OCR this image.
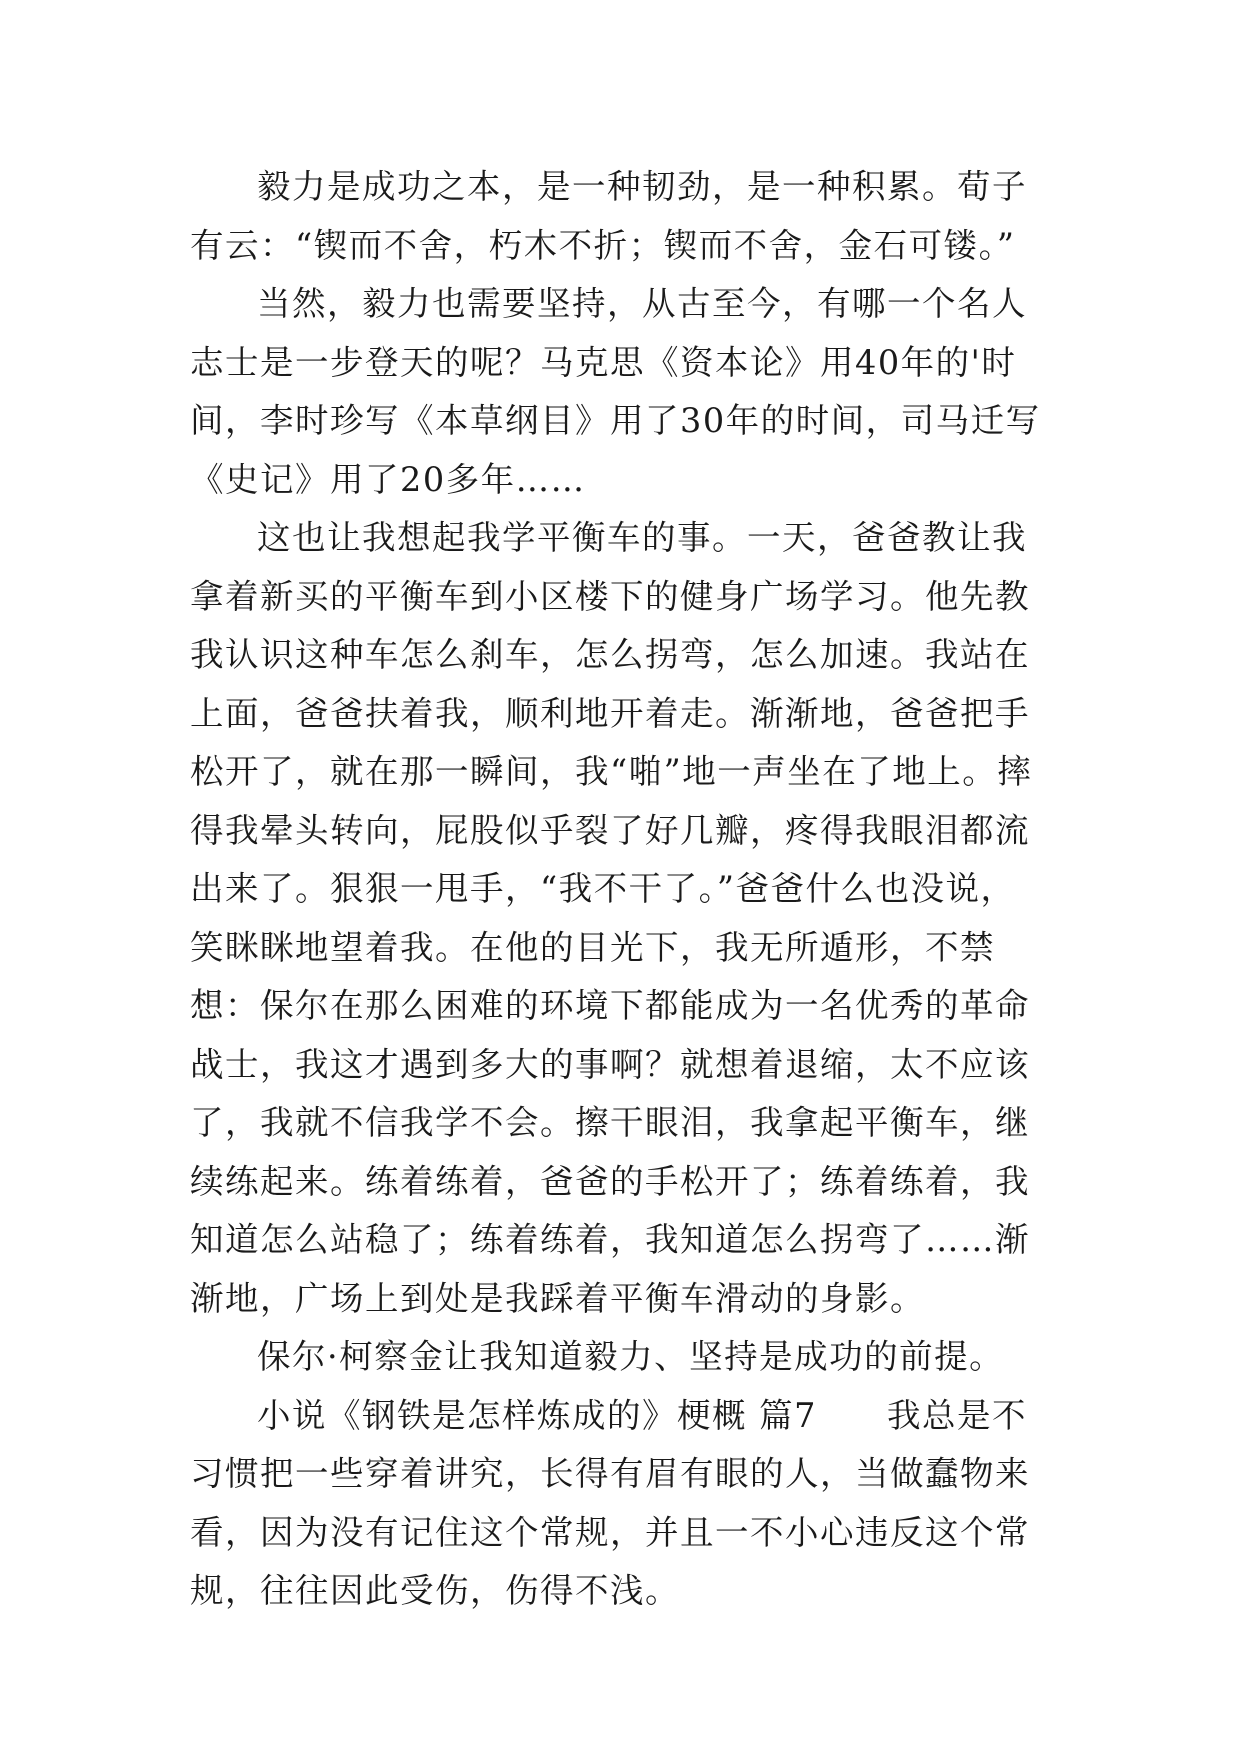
毅力是成功之本，是一种韧劲，是一种积累。荀子有云：“锲而不舍，朽木不折；锲而不舍，金石可镂。”

当然，毅力也需要坚持，从古至今，有哪一个名人志士是一步登天的呢？马克思《资本论》用40年的'时间，李时珍写《本草纲目》用了30年的时间，司马迁写《史记》用了20多年……

这也让我想起我学平衡车的事。一天，爸爸教让我拿着新买的平衡车到小区楼下的健身广场学习。他先教我认识这种车怎么刹车，怎么拐弯，怎么加速。我站在上面，爸爸扶着我，顺利地开着走。渐渐地，爸爸把手松开了，就在那一瞬间，我“啪”地一声坐在了地上。摔得我晕头转向，屁股似乎裂了好几瓣，疼得我眼泪都流出来了。狠狠一甩手，“我不干了。”爸爸什么也没说，笑眯眯地望着我。在他的目光下，我无所遁形，不禁想：保尔在那么困难的环境下都能成为一名优秀的革命战士，我这才遇到多大的事啊？就想着退缩，太不应该了，我就不信我学不会。擦干眼泪，我拿起平衡车，继续练起来。练着练着，爸爸的手松开了；练着练着，我知道怎么站稳了；练着练着，我知道怎么拐弯了……渐渐地，广场上到处是我踩着平衡车滑动的身影。

保尔·柯察金让我知道毅力、坚持是成功的前提。

小说《钢铁是怎样炼成的》梗概 篇7　　我总是不习惯把一些穿着讲究，长得有眉有眼的人，当做蠢物来看，因为没有记住这个常规，并且一不小心违反这个常规，往往因此受伤，伤得不浅。
